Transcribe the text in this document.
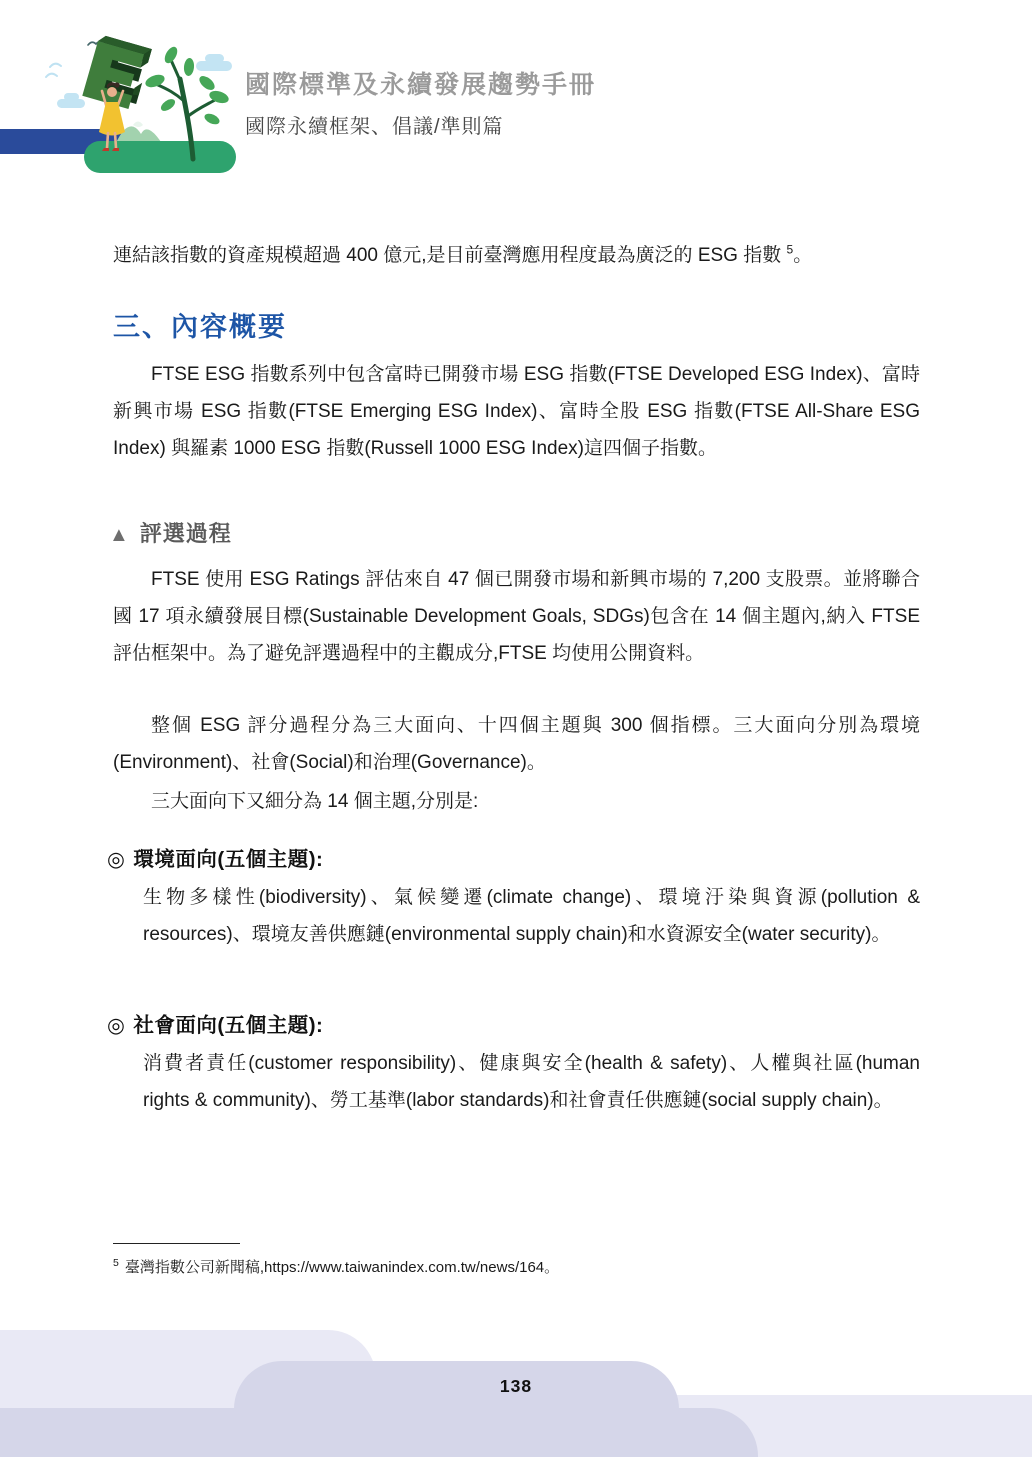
國際標準及永續發展趨勢手冊
國際永續框架、倡議/準則篇
連結該指數的資產規模超過 400 億元,是目前臺灣應用程度最為廣泛的 ESG 指數 $^5$。
三、內容概要
FTSE ESG 指數系列中包含富時已開發市場 ESG 指數(FTSE Developed ESG Index)、富時新興市場 ESG 指數(FTSE Emerging ESG Index)、富時全股 ESG 指數(FTSE All-Share ESG Index) 與羅素 1000 ESG 指數(Russell 1000 ESG Index)這四個子指數。
▲ 評選過程
FTSE 使用 ESG Ratings 評估來自 47 個已開發市場和新興市場的 7,200 支股票。並將聯合國 17 項永續發展目標(Sustainable Development Goals, SDGs)包含在 14 個主題內,納入 FTSE 評估框架中。為了避免評選過程中的主觀成分,FTSE 均使用公開資料。
整個 ESG 評分過程分為三大面向、十四個主題與 300 個指標。三大面向分別為環境(Environment)、社會(Social)和治理(Governance)。
三大面向下又細分為 14 個主題,分別是:
◎ 環境面向(五個主題):
生物多樣性(biodiversity)、氣候變遷(climate change)、環境汙染與資源(pollution & resources)、環境友善供應鏈(environmental supply chain)和水資源安全(water security)。
◎ 社會面向(五個主題):
消費者責任(customer responsibility)、健康與安全(health & safety)、人權與社區(human rights & community)、勞工基準(labor standards)和社會責任供應鏈(social supply chain)。
$^5$ 臺灣指數公司新聞稿,https://www.taiwanindex.com.tw/news/164。
138
